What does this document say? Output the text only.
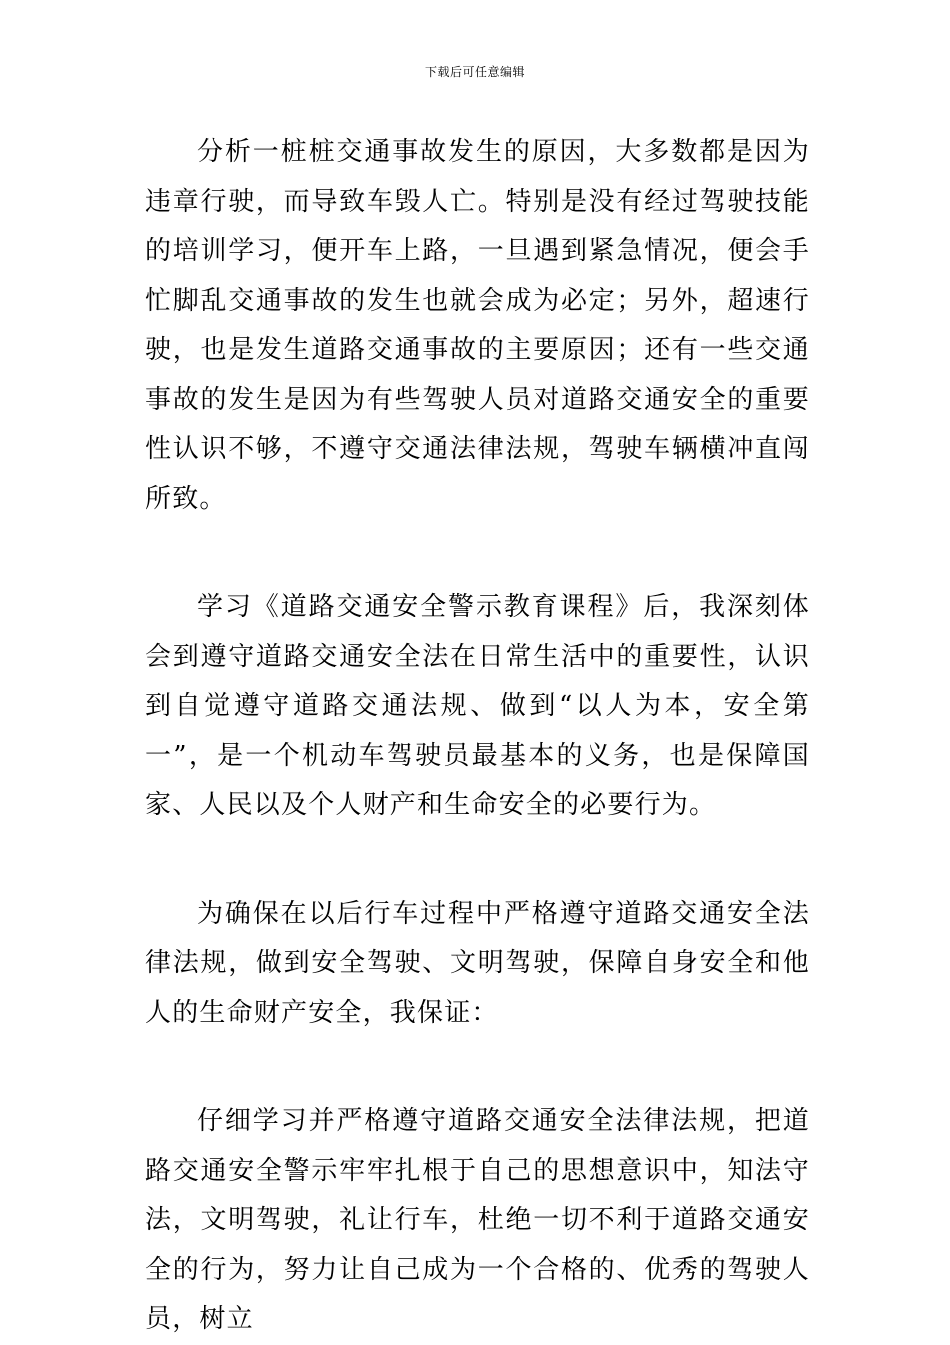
下载后可任意编辑

分析一桩桩交通事故发生的原因，大多数都是因为违章行驶，而导致车毁人亡。特别是没有经过驾驶技能的培训学习，便开车上路，一旦遇到紧急情况，便会手忙脚乱交通事故的发生也就会成为必定；另外，超速行驶，也是发生道路交通事故的主要原因；还有一些交通事故的发生是因为有些驾驶人员对道路交通安全的重要性认识不够，不遵守交通法律法规，驾驶车辆横冲直闯所致。

学习《道路交通安全警示教育课程》后，我深刻体会到遵守道路交通安全法在日常生活中的重要性，认识到自觉遵守道路交通法规、做到“以人为本，安全第一”，是一个机动车驾驶员最基本的义务，也是保障国家、人民以及个人财产和生命安全的必要行为。

为确保在以后行车过程中严格遵守道路交通安全法律法规，做到安全驾驶、文明驾驶，保障自身安全和他人的生命财产安全，我保证：

仔细学习并严格遵守道路交通安全法律法规，把道路交通安全警示牢牢扎根于自己的思想意识中，知法守法，文明驾驶，礼让行车，杜绝一切不利于道路交通安全的行为，努力让自己成为一个合格的、优秀的驾驶人员，树立
